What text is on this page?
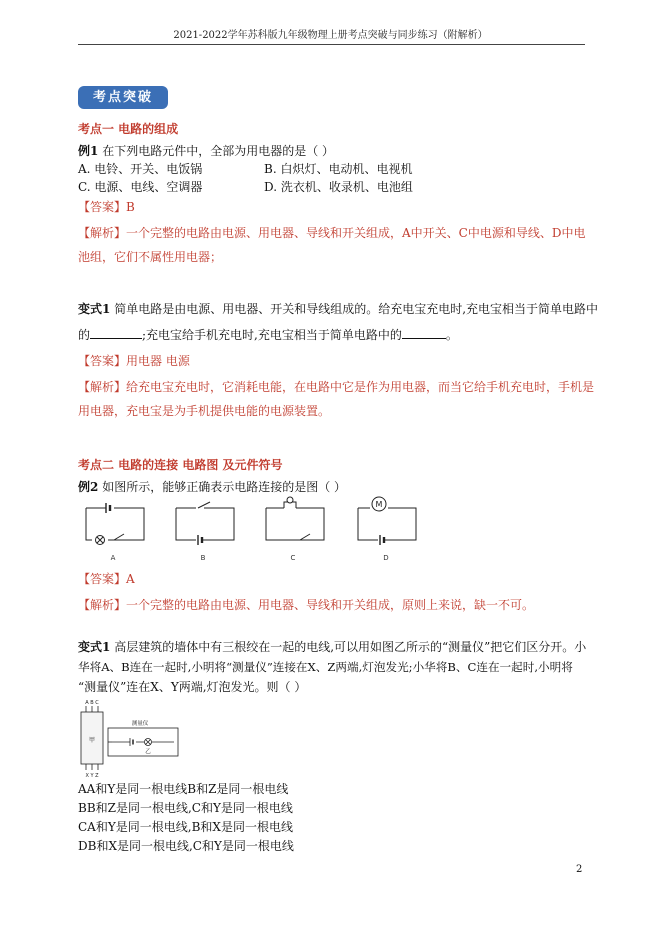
2021-2022学年苏科版九年级物理上册考点突破与同步练习（附解析）
考点突破
考点一 电路的组成
例1 在下列电路元件中，全部为用电器的是（ ）
A. 电铃、开关、电饭锅	B. 白炽灯、电动机、电视机
C. 电源、电线、空调器	D. 洗衣机、收录机、电池组
【答案】B
【解析】一个完整的电路由电源、用电器、导线和开关组成，A中开关、C中电源和导线、D中电
池组，它们不属性用电器；
变式1 简单电路是由电源、用电器、开关和导线组成的。给充电宝充电时,充电宝相当于简单电路中
的	;充电宝给手机充电时,充电宝相当于简单电路中的	。
【答案】用电器 电源
【解析】给充电宝充电时，它消耗电能，在电路中它是作为用电器，而当它给手机充电时，手机是
用电器，充电宝是为手机提供电能的电源装置。
考点二 电路的连接 电路图 及元件符号
例2 如图所示，能够正确表示电路连接的是图（ ）
A	B	C
M
D
【答案】A
【解析】一个完整的电路由电源、用电器、导线和开关组成，原则上来说，缺一不可。
变式1 高层建筑的墙体中有三根绞在一起的电线,可以用如图乙所示的“测量仪”把它们区分开。小
华将A、B连在一起时,小明将“测量仪”连接在X、Z两端,灯泡发光;小华将B、C连在一起时,小明将
“测量仪”连在X、Y两端,灯泡发光。则（ ）
A B C
甲
X Y Z
测量仪
乙
AA和Y是同一根电线B和Z是同一根电线
BB和Z是同一根电线,C和Y是同一根电线
CA和Y是同一根电线,B和X是同一根电线
DB和X是同一根电线,C和Y是同一根电线
2
